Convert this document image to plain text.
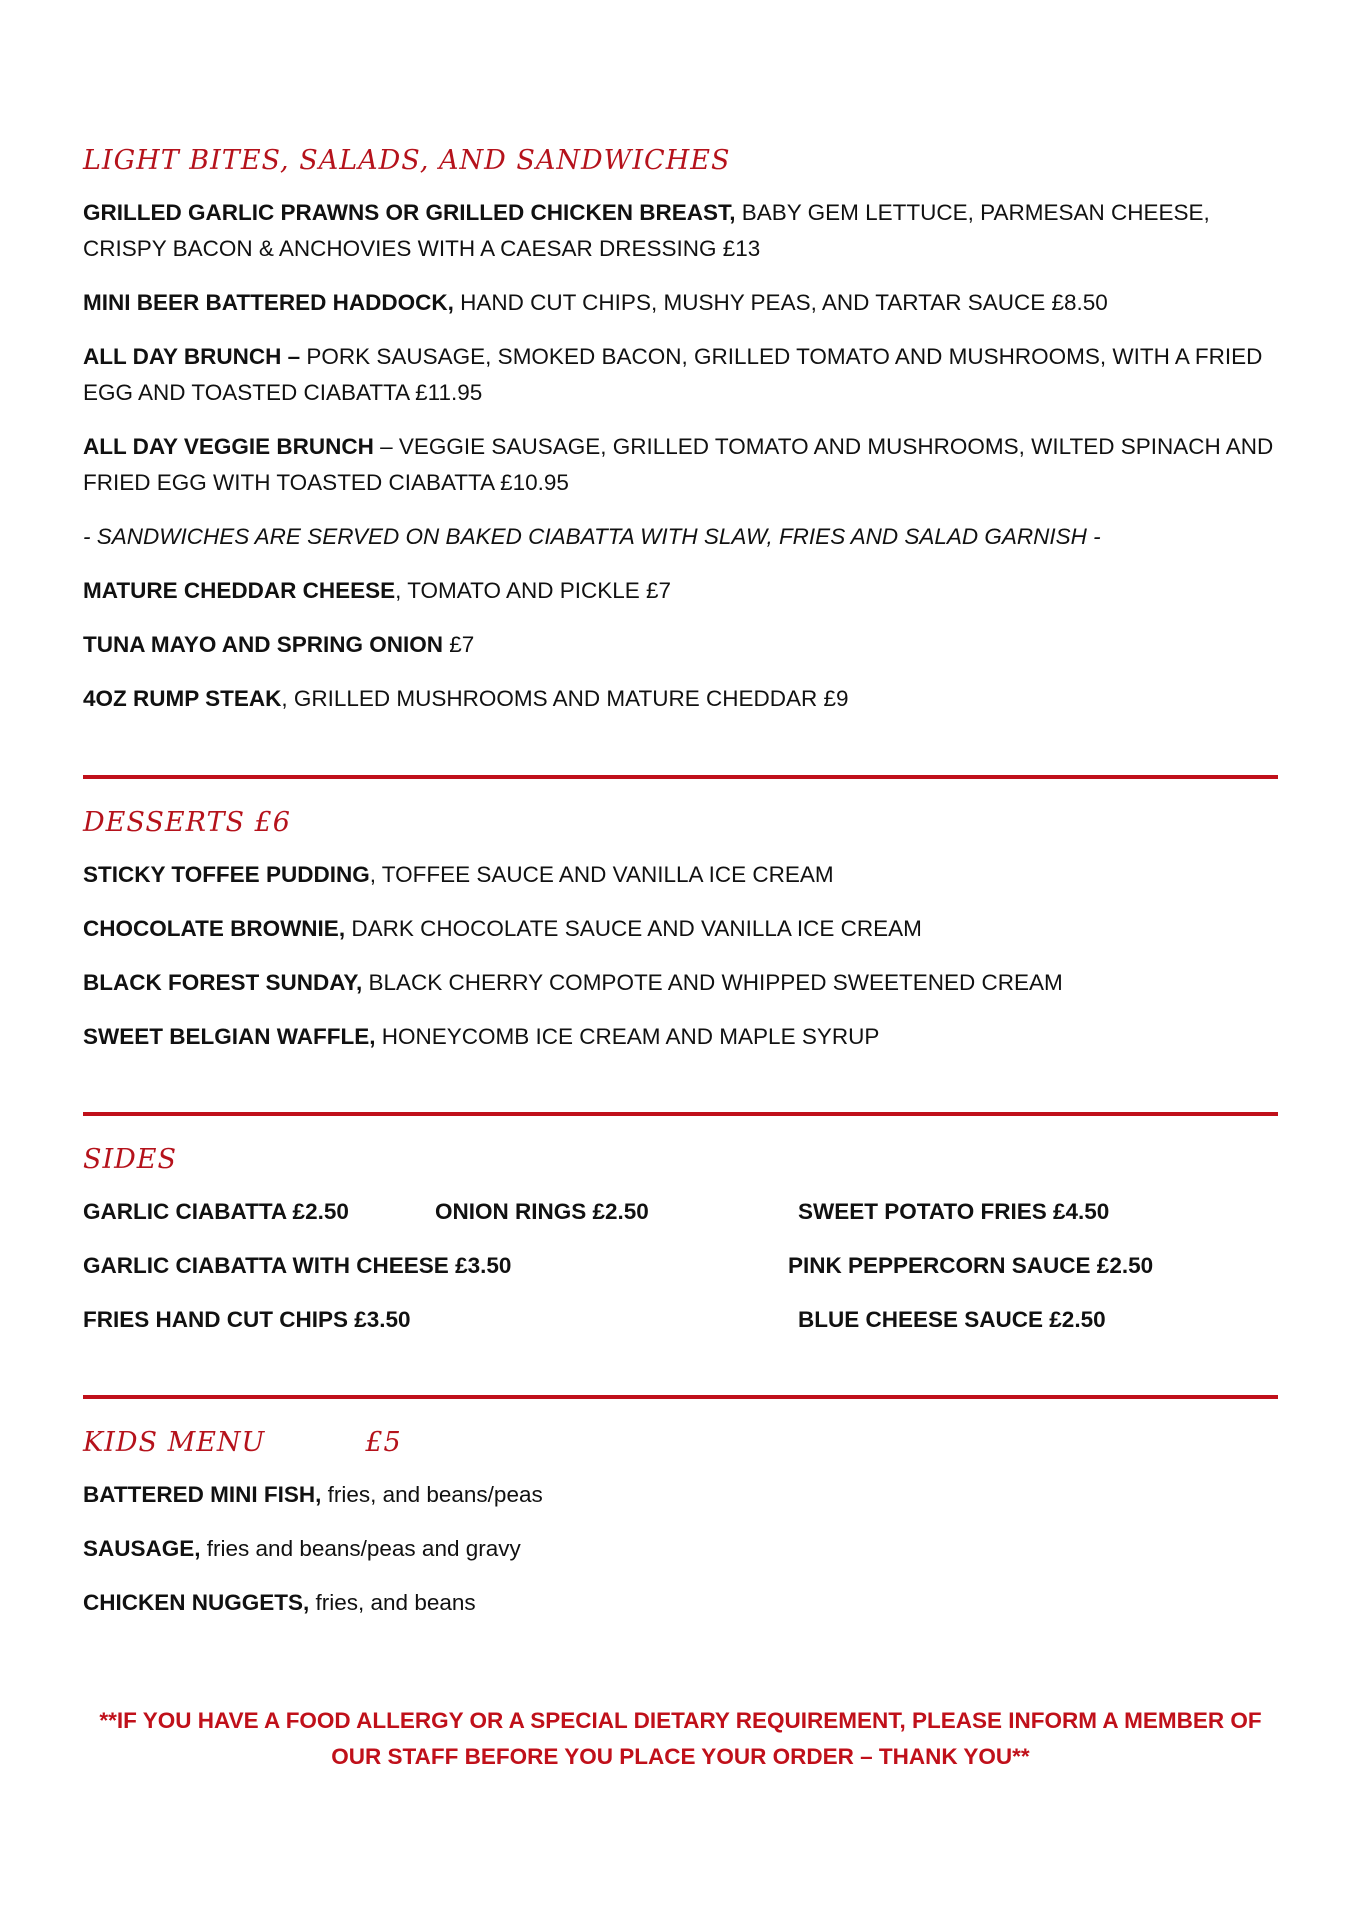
LIGHT BITES, SALADS, AND SANDWICHES
GRILLED GARLIC PRAWNS OR GRILLED CHICKEN BREAST, BABY GEM LETTUCE, PARMESAN CHEESE, CRISPY BACON & ANCHOVIES WITH A CAESAR DRESSING £13
MINI BEER BATTERED HADDOCK, HAND CUT CHIPS, MUSHY PEAS, AND TARTAR SAUCE £8.50
ALL DAY BRUNCH – PORK SAUSAGE, SMOKED BACON, GRILLED TOMATO AND MUSHROOMS, WITH A FRIED EGG AND TOASTED CIABATTA £11.95
ALL DAY VEGGIE BRUNCH – VEGGIE SAUSAGE, GRILLED TOMATO AND MUSHROOMS, WILTED SPINACH AND FRIED EGG WITH TOASTED CIABATTA £10.95
- SANDWICHES ARE SERVED ON BAKED CIABATTA WITH SLAW, FRIES AND SALAD GARNISH -
MATURE CHEDDAR CHEESE, TOMATO AND PICKLE £7
TUNA MAYO AND SPRING ONION £7
4OZ RUMP STEAK, GRILLED MUSHROOMS AND MATURE CHEDDAR £9
DESSERTS £6
STICKY TOFFEE PUDDING, TOFFEE SAUCE AND VANILLA ICE CREAM
CHOCOLATE BROWNIE, DARK CHOCOLATE SAUCE AND VANILLA ICE CREAM
BLACK FOREST SUNDAY, BLACK CHERRY COMPOTE AND WHIPPED SWEETENED CREAM
SWEET BELGIAN WAFFLE, HONEYCOMB ICE CREAM AND MAPLE SYRUP
SIDES
GARLIC CIABATTA £2.50	ONION RINGS £2.50	SWEET POTATO FRIES £4.50
GARLIC CIABATTA WITH CHEESE £3.50	PINK PEPPERCORN SAUCE £2.50
FRIES HAND CUT CHIPS £3.50	BLUE CHEESE SAUCE £2.50
KIDS MENU	£5
BATTERED MINI FISH, fries, and beans/peas
SAUSAGE, fries and beans/peas and gravy
CHICKEN NUGGETS, fries, and beans
**IF YOU HAVE A FOOD ALLERGY OR A SPECIAL DIETARY REQUIREMENT, PLEASE INFORM A MEMBER OF OUR STAFF BEFORE YOU PLACE YOUR ORDER – THANK YOU**
